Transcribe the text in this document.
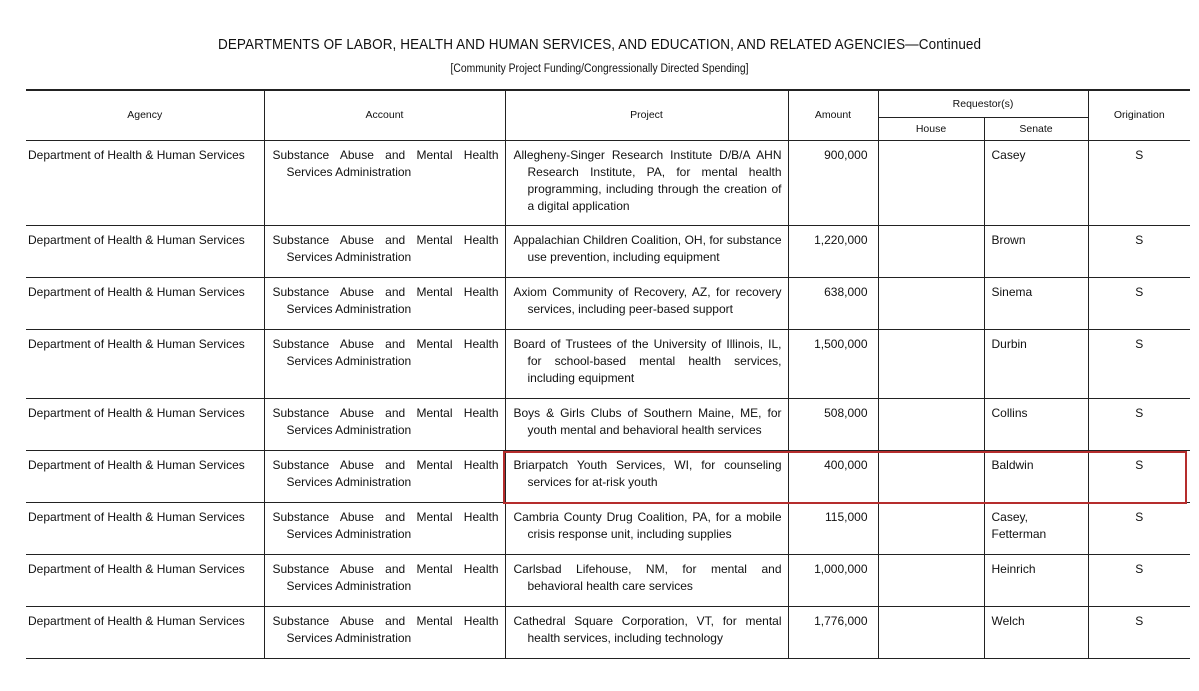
DEPARTMENTS OF LABOR, HEALTH AND HUMAN SERVICES, AND EDUCATION, AND RELATED AGENCIES—Continued
[Community Project Funding/Congressionally Directed Spending]
Agency	Account	Project	Amount	Requestor(s)		Origination
				House	Senate	
Department of Health & Human Services	Substance Abuse and Mental Health Services Administration	Allegheny-Singer Research Institute D/B/A AHN Research Institute, PA, for mental health programming, including through the creation of a digital application	900,000		Casey	S
Department of Health & Human Services	Substance Abuse and Mental Health Services Administration	Appalachian Children Coalition, OH, for substance use prevention, including equipment	1,220,000		Brown	S
Department of Health & Human Services	Substance Abuse and Mental Health Services Administration	Axiom Community of Recovery, AZ, for recovery services, including peer-based support	638,000		Sinema	S
Department of Health & Human Services	Substance Abuse and Mental Health Services Administration	Board of Trustees of the University of Illinois, IL, for school-based mental health services, including equipment	1,500,000		Durbin	S
Department of Health & Human Services	Substance Abuse and Mental Health Services Administration	Boys & Girls Clubs of Southern Maine, ME, for youth mental and behavioral health services	508,000		Collins	S
Department of Health & Human Services	Substance Abuse and Mental Health Services Administration	Briarpatch Youth Services, WI, for counseling services for at-risk youth	400,000		Baldwin	S
Department of Health & Human Services	Substance Abuse and Mental Health Services Administration	Cambria County Drug Coalition, PA, for a mobile crisis response unit, including supplies	115,000		Casey, Fetterman	S
Department of Health & Human Services	Substance Abuse and Mental Health Services Administration	Carlsbad Lifehouse, NM, for mental and behavioral health care services	1,000,000		Heinrich	S
Department of Health & Human Services	Substance Abuse and Mental Health Services Administration	Cathedral Square Corporation, VT, for mental health services, including technology	1,776,000		Welch	S
